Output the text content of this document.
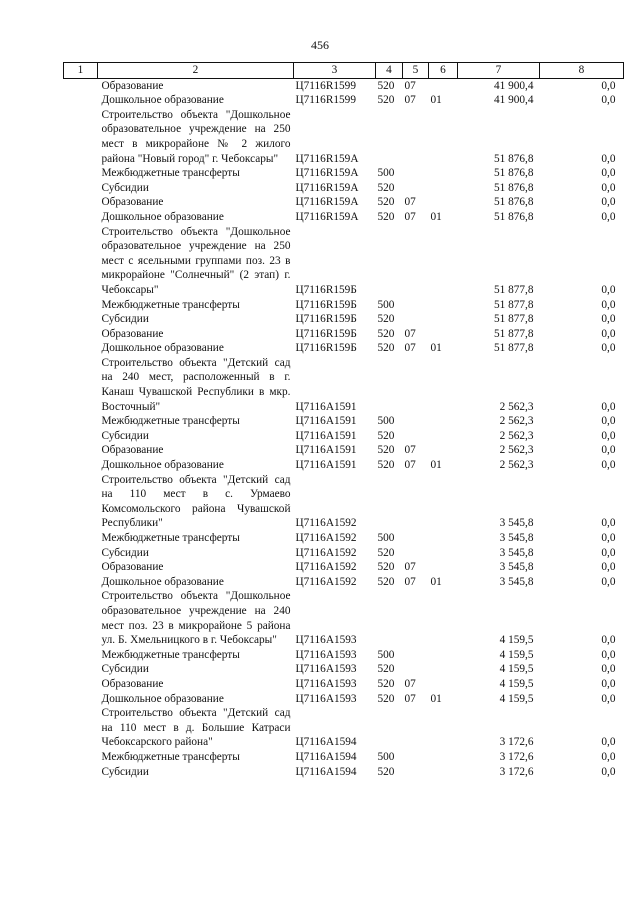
456
1	2	3	4	5	6	7	8
	Образование	Ц7116R1599	520	07		41 900,4	0,0
	Дошкольное образование	Ц7116R1599	520	07	01	41 900,4	0,0
	Строительство объекта "Дошкольное образовательное учреждение на 250 мест в микрорайоне № 2 жилого района "Новый город" г. Чебоксары"	Ц7116R159А				51 876,8	0,0
	Межбюджетные трансферты	Ц7116R159А	500			51 876,8	0,0
	Субсидии	Ц7116R159А	520			51 876,8	0,0
	Образование	Ц7116R159А	520	07		51 876,8	0,0
	Дошкольное образование	Ц7116R159А	520	07	01	51 876,8	0,0
	Строительство объекта "Дошкольное образовательное учреждение на 250 мест с ясельными группами поз. 23 в микрорайоне "Солнечный" (2 этап) г. Чебоксары"	Ц7116R159Б				51 877,8	0,0
	Межбюджетные трансферты	Ц7116R159Б	500			51 877,8	0,0
	Субсидии	Ц7116R159Б	520			51 877,8	0,0
	Образование	Ц7116R159Б	520	07		51 877,8	0,0
	Дошкольное образование	Ц7116R159Б	520	07	01	51 877,8	0,0
	Строительство объекта "Детский сад на 240 мест, расположенный в г. Канаш Чувашской Республики в мкр. Восточный"	Ц7116A1591				2 562,3	0,0
	Межбюджетные трансферты	Ц7116A1591	500			2 562,3	0,0
	Субсидии	Ц7116A1591	520			2 562,3	0,0
	Образование	Ц7116A1591	520	07		2 562,3	0,0
	Дошкольное образование	Ц7116A1591	520	07	01	2 562,3	0,0
	Строительство объекта "Детский сад на 110 мест в с. Урмаево Комсомольского района Чувашской Республики"	Ц7116A1592				3 545,8	0,0
	Межбюджетные трансферты	Ц7116A1592	500			3 545,8	0,0
	Субсидии	Ц7116A1592	520			3 545,8	0,0
	Образование	Ц7116A1592	520	07		3 545,8	0,0
	Дошкольное образование	Ц7116A1592	520	07	01	3 545,8	0,0
	Строительство объекта "Дошкольное образовательное учреждение на 240 мест поз. 23 в микрорайоне 5 района ул. Б. Хмельницкого в г. Чебоксары"	Ц7116A1593				4 159,5	0,0
	Межбюджетные трансферты	Ц7116A1593	500			4 159,5	0,0
	Субсидии	Ц7116A1593	520			4 159,5	0,0
	Образование	Ц7116A1593	520	07		4 159,5	0,0
	Дошкольное образование	Ц7116A1593	520	07	01	4 159,5	0,0
	Строительство объекта "Детский сад на 110 мест в д. Большие Катраси Чебоксарского района"	Ц7116A1594				3 172,6	0,0
	Межбюджетные трансферты	Ц7116A1594	500			3 172,6	0,0
	Субсидии	Ц7116A1594	520			3 172,6	0,0
